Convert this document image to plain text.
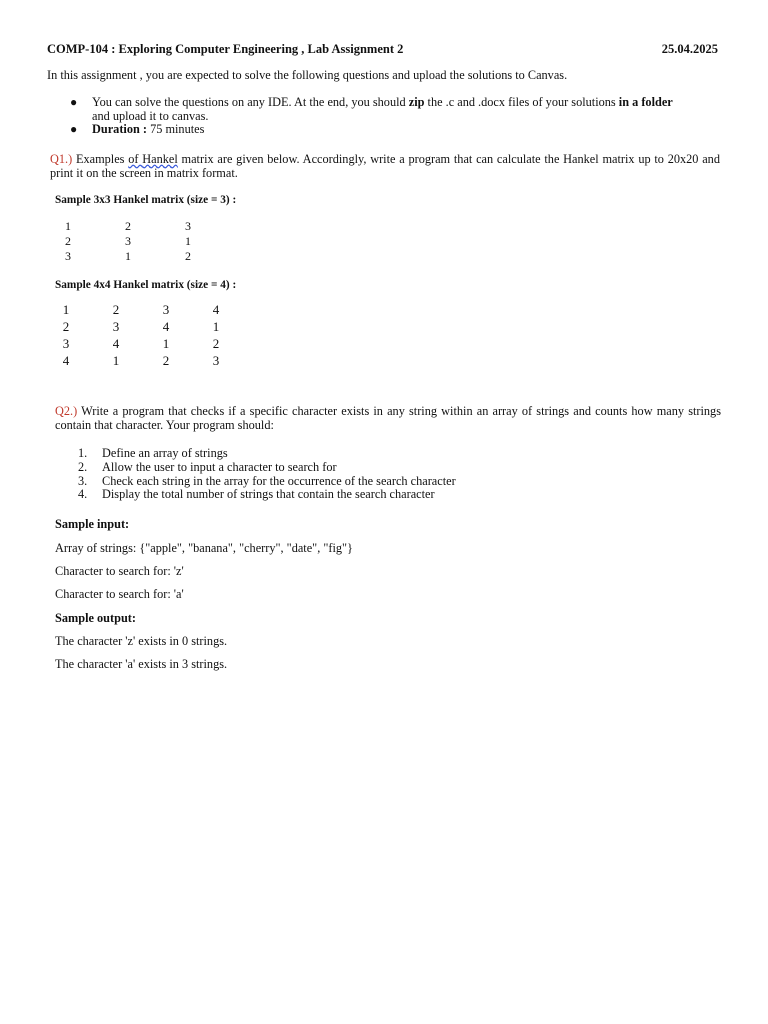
COMP-104 : Exploring Computer Engineering , Lab Assignment 2	25.04.2025
In this assignment , you are expected to solve the following questions and upload the solutions to Canvas.
● You can solve the questions on any IDE. At the end, you should zip the .c and .docx files of your solutions in a folder
and upload it to canvas.
● Duration : 75 minutes
Q1.) Examples of Hankel matrix are given below. Accordingly, write a program that can calculate the Hankel matrix up to 20x20 and print it on the screen in matrix format.
Sample 3x3 Hankel matrix (size = 3) :
1	2	3
2	3	1
3	1	2
Sample 4x4 Hankel matrix (size = 4) :
1	2	3	4
2	3	4	1
3	4	1	2
4	1	2	3
Q2.) Write a program that checks if a specific character exists in any string within an array of strings and counts how many strings contain that character. Your program should:
1. Define an array of strings
2. Allow the user to input a character to search for
3. Check each string in the array for the occurrence of the search character
4. Display the total number of strings that contain the search character
Sample input:
Array of strings: {"apple", "banana", "cherry", "date", "fig"}
Character to search for: 'z'
Character to search for: 'a'
Sample output:
The character 'z' exists in 0 strings.
The character 'a' exists in 3 strings.
